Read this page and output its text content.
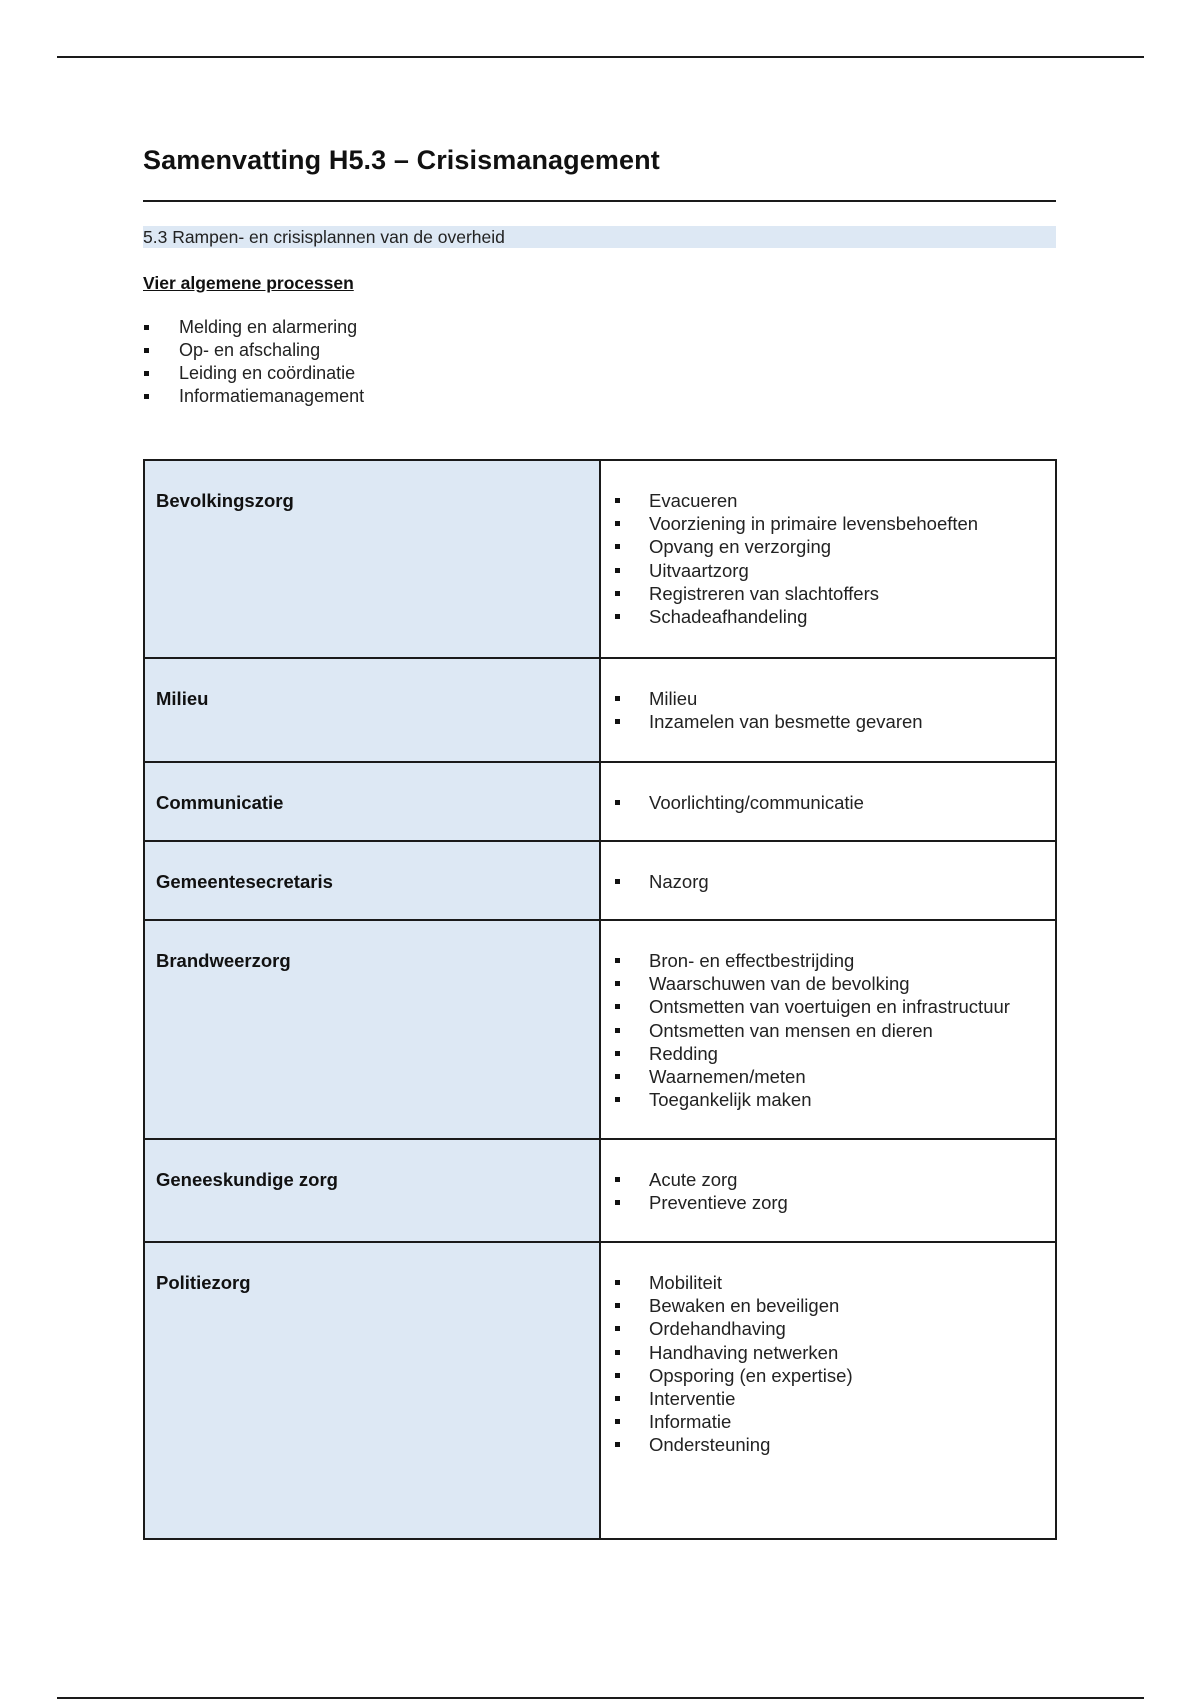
Samenvatting H5.3 – Crisismanagement
5.3 Rampen- en crisisplannen van de overheid
Vier algemene processen
Melding en alarmering
Op- en afschaling
Leiding en coördinatie
Informatiemanagement
Bevolkingszorg	Evacueren
Voorziening in primaire levensbehoeften
Opvang en verzorging
Uitvaartzorg
Registreren van slachtoffers
Schadeafhandeling
Milieu	Milieu
Inzamelen van besmette gevaren
Communicatie	Voorlichting/communicatie
Gemeentesecretaris	Nazorg
Brandweerzorg	Bron- en effectbestrijding
Waarschuwen van de bevolking
Ontsmetten van voertuigen en infrastructuur
Ontsmetten van mensen en dieren
Redding
Waarnemen/meten
Toegankelijk maken
Geneeskundige zorg	Acute zorg
Preventieve zorg
Politiezorg	Mobiliteit
Bewaken en beveiligen
Ordehandhaving
Handhaving netwerken
Opsporing (en expertise)
Interventie
Informatie
Ondersteuning
